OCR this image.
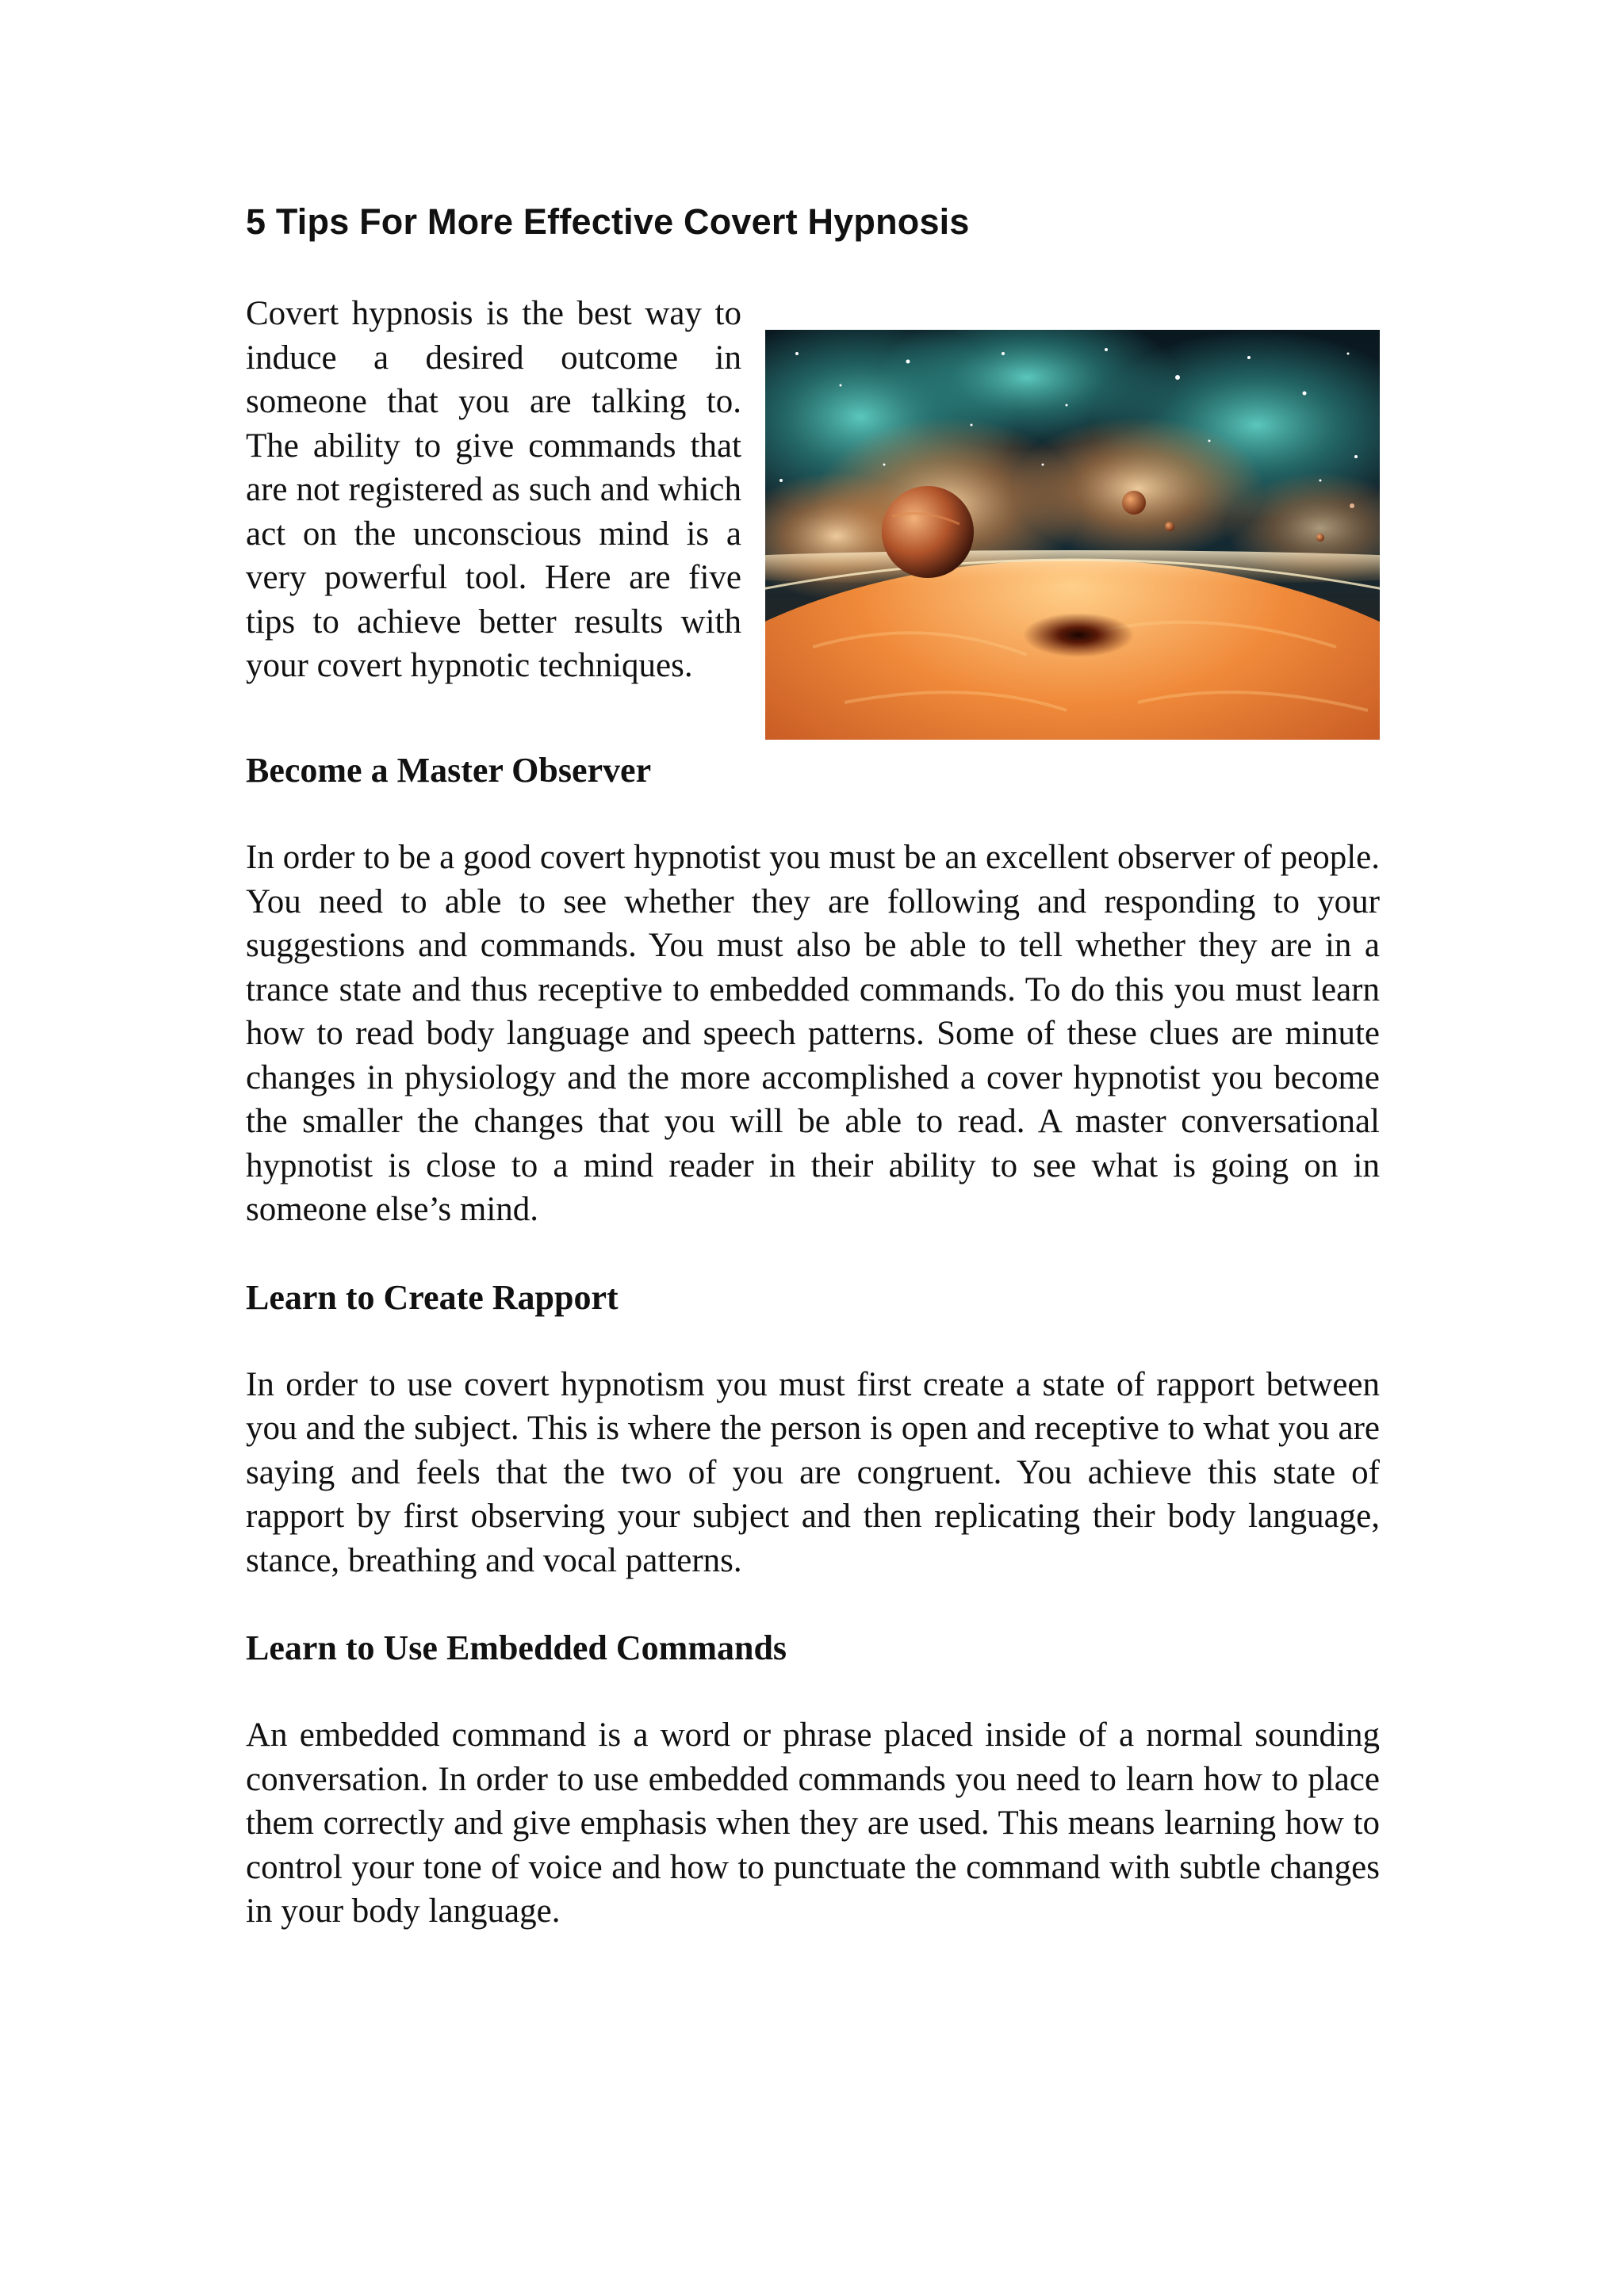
5 Tips For More Effective Covert Hypnosis

Covert hypnosis is the best way to induce a desired outcome in someone that you are talking to. The ability to give commands that are not registered as such and which act on the unconscious mind is a very powerful tool. Here are five tips to achieve better results with your covert hypnotic techniques.

Become a Master Observer

In order to be a good covert hypnotist you must be an excellent observer of people. You need to able to see whether they are following and responding to your suggestions and commands. You must also be able to tell whether they are in a trance state and thus receptive to embedded commands. To do this you must learn how to read body language and speech patterns. Some of these clues are minute changes in physiology and the more accomplished a cover hypnotist you become the smaller the changes that you will be able to read. A master conversational hypnotist is close to a mind reader in their ability to see what is going on in someone else’s mind.

Learn to Create Rapport

In order to use covert hypnotism you must first create a state of rapport between you and the subject. This is where the person is open and receptive to what you are saying and feels that the two of you are congruent. You achieve this state of rapport by first observing your subject and then replicating their body language, stance, breathing and vocal patterns.

Learn to Use Embedded Commands

An embedded command is a word or phrase placed inside of a normal sounding conversation. In order to use embedded commands you need to learn how to place them correctly and give emphasis when they are used. This means learning how to control your tone of voice and how to punctuate the command with subtle changes in your body language.
